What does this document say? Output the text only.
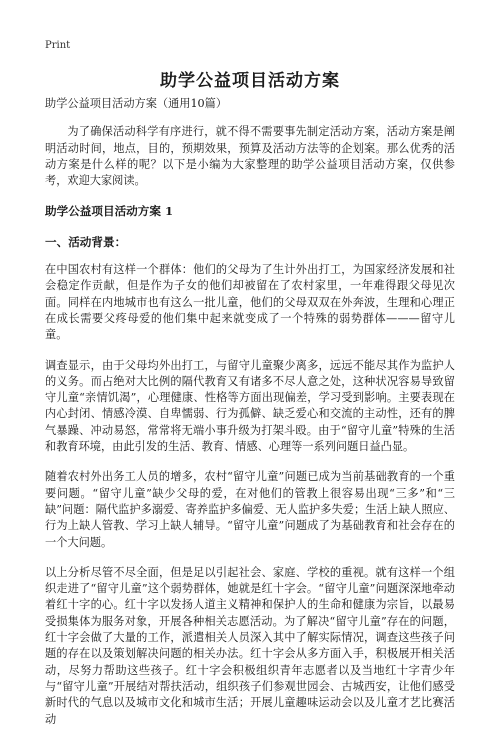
Print
助学公益项目活动方案

助学公益项目活动方案（通用10篇）

为了确保活动科学有序进行，就不得不需要事先制定活动方案，活动方案是阐明活动时间，地点，目的，预期效果，预算及活动方法等的企划案。那么优秀的活动方案是什么样的呢？以下是小编为大家整理的助学公益项目活动方案，仅供参考，欢迎大家阅读。

助学公益项目活动方案 1

一、活动背景：

在中国农村有这样一个群体：他们的父母为了生计外出打工，为国家经济发展和社会稳定作贡献，但是作为子女的他们却被留在了农村家里，一年难得跟父母见次面。同样在内地城市也有这么一批儿童，他们的父母双双在外奔波，生理和心理正在成长需要父疼母爱的他们集中起来就变成了一个特殊的弱势群体———留守儿童。

调查显示，由于父母均外出打工，与留守儿童聚少离多，远远不能尽其作为监护人的义务。而占绝对大比例的隔代教育又有诸多不尽人意之处，这种状况容易导致留守儿童“亲情饥渴”，心理健康、性格等方面出现偏差，学习受到影响。主要表现在内心封闭、情感冷漠、自卑懦弱、行为孤僻、缺乏爱心和交流的主动性，还有的脾气暴躁、冲动易怒，常常将无端小事升级为打架斗殴。由于“留守儿童”特殊的生活和教育环境，由此引发的生活、教育、情感、心理等一系列问题日益凸显。

随着农村外出务工人员的增多，农村“留守儿童”问题已成为当前基础教育的一个重要问题。“留守儿童”缺少父母的爱，在对他们的管教上很容易出现“三多”和“三缺”问题：隔代监护多溺爱、寄养监护多偏爱、无人监护多失爱；生活上缺人照应、行为上缺人管教、学习上缺人辅导。“留守儿童”问题成了为基础教育和社会存在的一个大问题。

以上分析尽管不尽全面，但是足以引起社会、家庭、学校的重视。就有这样一个组织走进了“留守儿童”这个弱势群体，她就是红十字会。“留守儿童”问题深深地牵动着红十字的心。红十字以发扬人道主义精神和保护人的生命和健康为宗旨，以最易受损集体为服务对象，开展各种相关志愿活动。为了解决“留守儿童”存在的问题，红十字会做了大量的工作，派遣相关人员深入其中了解实际情况，调查这些孩子问题的存在以及策划解决问题的相关办法。红十字会从多方面入手，积极展开相关活动，尽努力帮助这些孩子。红十字会积极组织青年志愿者以及当地红十字青少年与“留守儿童”开展结对帮扶活动，组织孩子们参观世园会、古城西安，让他们感受新时代的气息以及城市文化和城市生活；开展儿童趣味运动会以及儿童才艺比赛活动
